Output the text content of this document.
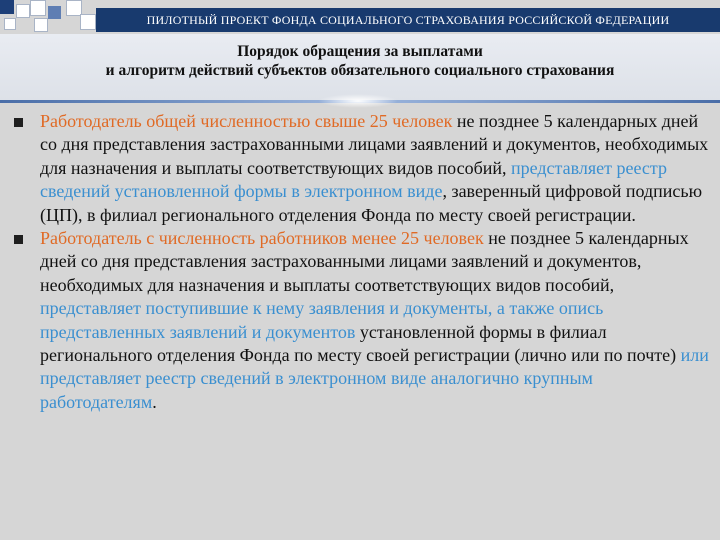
ПИЛОТНЫЙ ПРОЕКТ ФОНДА СОЦИАЛЬНОГО СТРАХОВАНИЯ РОССИЙСКОЙ ФЕДЕРАЦИИ
Порядок обращения за выплатами
и алгоритм действий субъектов обязательного социального страхования
Работодатель общей численностью свыше 25 человек не позднее 5 календарных дней со дня представления застрахованными лицами заявлений и документов, необходимых для назначения и выплаты соответствующих видов пособий, представляет реестр сведений установленной формы в электронном виде, заверенный цифровой подписью (ЦП), в филиал регионального отделения Фонда по месту своей регистрации.
Работодатель с численность работников менее 25 человек не позднее 5 календарных дней со дня представления застрахованными лицами заявлений и документов, необходимых для назначения и выплаты соответствующих видов пособий, представляет поступившие к нему заявления и документы, а также опись представленных заявлений и документов установленной формы в филиал регионального отделения Фонда по месту своей регистрации (лично или по почте) или представляет реестр сведений в электронном виде аналогично крупным работодателям.
